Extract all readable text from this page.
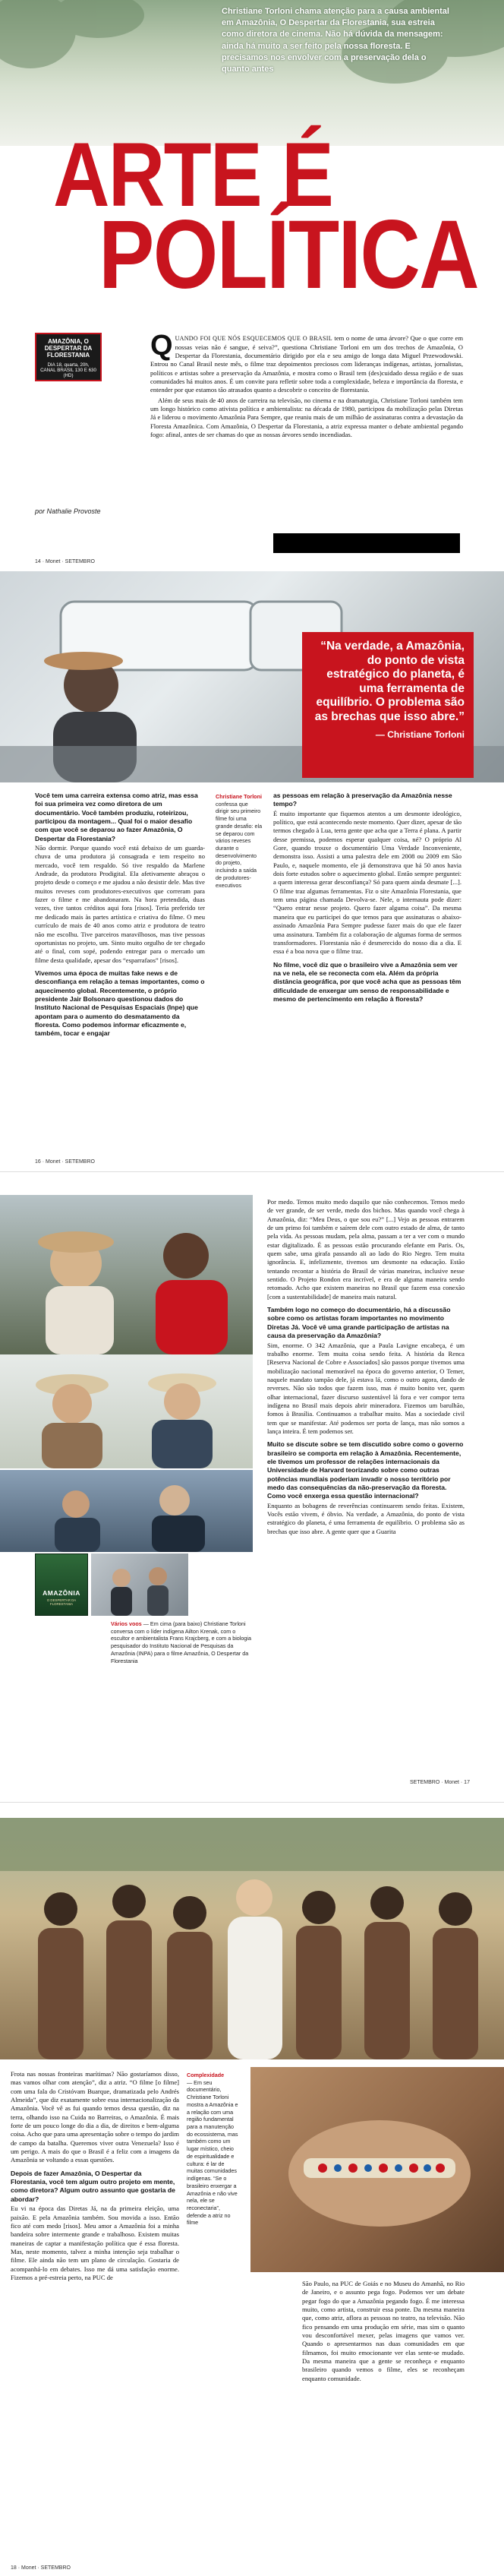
Christiane Torloni chama atenção para a causa ambiental em Amazônia, O Despertar da Florestania, sua estreia como diretora de cinema. Não há dúvida da mensagem: ainda há muito a ser feito pela nossa floresta. E precisamos nos envolver com a preservação dela o quanto antes
ARTE É
POLÍTICA
AMAZÔNIA, O DESPERTAR DA FLORESTANIA
DIA 18, quarta, 20h, CANAL BRASIL 130 E 630 (HD)
por Nathalie Provoste

Q UANDO FOI QUE NÓS ESQUECEMOS QUE O BRASIL tem o nome de uma árvore? Que o que corre em nossas veias não é sangue, é seiva?”, questiona Christiane Torloni em um dos trechos de Amazônia, O Despertar da Florestania, documentário dirigido por ela e seu amigo de longa data Miguel Przewodowski. Entrou no Canal Brasil neste mês, o filme traz depoimentos preciosos com lideranças indígenas, artistas, jornalistas, políticos e artistas sobre a preservação da Amazônia, e mostra como o Brasil tem (des)cuidado dessa região e de suas comunidades há muitos anos. É um convite para refletir sobre toda a complexidade, beleza e importância da floresta, e entender por que estamos tão atrasados quanto a descobrir o conceito de florestania.

Além de seus mais de 40 anos de carreira na televisão, no cinema e na dramaturgia, Christiane Torloni também tem um longo histórico como ativista política e ambientalista: na década de 1980, participou da mobilização pelas Diretas Já e liderou o movimento Amazônia Para Sempre, que reuniu mais de um milhão de assinaturas contra a devastação da Floresta Amazônica. Com Amazônia, O Despertar da Florestania, a atriz expressa manter o debate ambiental pegando fogo: afinal, antes de ser chamas do que as nossas árvores sendo incendiadas.

14 · Monet · SETEMBRO
“Na verdade, a Amazônia, do ponto de vista estratégico do planeta, é uma ferramenta de equilíbrio. O problema são as brechas que isso abre.”
— Christiane Torloni
Você tem uma carreira extensa como atriz, mas essa foi sua primeira vez como diretora de um documentário. Você também produziu, roteirizou, participou da montagem... Qual foi o maior desafio com que você se deparou ao fazer Amazônia, O Despertar da Florestania?

Não dormir. Porque quando você está debaixo de um guarda-chuva de uma produtora já consagrada e tem respeito no mercado, você tem respaldo. Só tive respaldo da Marlene Andrade, da produtora Prodigital. Ela afetivamente abraçou o projeto desde o começo e me ajudou a não desistir dele. Mas tive muitos reveses com produtores-executivos que correram para fazer o filme e me abandonaram. Na hora pretendida, duas vezes, tive tantos créditos aqui fora [risos]. Teria preferido ter me dedicado mais às partes artística e criativa do filme. O meu currículo de mais de 40 anos como atriz e produtora de teatro não me escolhu. Tive parceiros maravilhosos, mas tive pessoas oportunistas no projeto, um. Sinto muito orgulho de ter chegado até o final, com sopé, podendo entregar para o mercado um filme desta qualidade, apesar dos “esparrafaos” [risos].

Vivemos uma época de muitas fake news e de desconfiança em relação a temas importantes, como o aquecimento global. Recentemente, o próprio presidente Jair Bolsonaro questionou dados do Instituto Nacional de Pesquisas Espaciais (Inpe) que apontam para o aumento do desmatamento da floresta. Como podemos informar eficazmente e, também, tocar e engajar
Christiane Torloni confessa que dirigir seu primeiro filme foi uma grande desafio: ela se deparou com vários reveses durante o desenvolvimento do projeto, incluindo a saída de produtores-executivos
as pessoas em relação à preservação da Amazônia nesse tempo?

É muito importante que fiquemos atentos a um desmonte ideológico, político, que está acontecendo neste momento. Quer dizer, apesar de tão termos chegado à Lua, terra gente que acha que a Terra é plana. A partir desse premissa, podemos esperar qualquer coisa, né? O próprio Al Gore, quando trouxe o documentário Uma Verdade Inconveniente, demonstra isso. Assisti a uma palestra dele em 2008 ou 2009 em São Paulo, e, naquele momento, ele já demonstrava que há 50 anos havia dois forte estudos sobre o aquecimento global. Então sempre perguntei: a quem interessa gerar desconfiança? Só para quem ainda desmate [...]. O filme traz algumas ferramentas. Fiz o site Amazônia Florestania, que tem uma página chamada Devolva-se. Nele, o internauta pode dizer: “Quero entrar nesse projeto. Quero fazer alguma coisa”. Da mesma maneira que eu participei do que temos para que assinaturas o abaixo-assinado Amazônia Para Sempre pudesse fazer mais do que ele fazer uma assinatura. Também fiz a colaboração de algumas forma de sermos transformadores. Florestania não é desmerecido do nosso dia a dia. E essa é a boa nova que o filme traz.

No filme, você diz que o brasileiro vive a Amazônia sem ver na ve nela, ele se reconecta com ela. Além da própria distância geográfica, por que você acha que as pessoas têm dificuldade de enxergar um senso de responsabilidade e mesmo de pertencimento em relação à floresta?
16 · Monet · SETEMBRO
AMAZÔNIA
O DESPERTAR DA FLORESTANIA
Vários voos — Em cima (para baixo) Christiane Torloni conversa com o líder indígena Ailton Krenak, com o escultor e ambientalista Frans Krajcberg, e com a biologia pesquisador do Instituto Nacional de Pesquisas da Amazônia (INPA) para o filme Amazônia, O Despertar da Florestania

Por medo. Temos muito medo daquilo que não conhecemos. Temos medo de ver grande, de ser verde, medo dos bichos. Mas quando você chega à Amazônia, diz: “Meu Deus, o que sou eu?” [...] Vejo as pessoas entrarem de um primo foi também e saírem dele com outro estado de alma, de tanto pela vida. As pessoas mudam, pela alma, passam a ter a ver com o mundo estar digitalizado. É as pessoas estão procurando elefante em Paris. Os, quem sabe, uma girafa passando ali ao lado do Rio Negro. Tem muita ignorância. E, infelizmente, tivemos um desmonte na educação. Estão tentando recontar a história do Brasil de várias maneiras, inclusive nesse sentido. O Projeto Rondon era incrível, e era de alguma maneira sendo retomado. Acho que existem maneiras no Brasil que fazem essa conexão [com a sustentabilidade] de maneira mais natural.

Também logo no começo do documentário, há a discussão sobre como os artistas foram importantes no movimento Diretas Já. Você vê uma grande participação de artistas na causa da preservação da Amazônia?

Sim, enorme. O 342 Amazônia, que a Paula Lavigne encabeça, é um trabalho enorme. Tem muita coisa sendo feita. A história da Renca [Reserva Nacional de Cobre e Associados] são passos porque tivemos uma mobilização nacional memorável na época do governo anterior, O Temer, naquele mandato tampão dele, já estava lá, como o outro agora, dando de reverses. Não são todos que fazem isso, mas é muito bonito ver, quem olhar internacional, fazer discurso sustentável lá fora e ver compor terra indígena no Brasil mais depois abrir mineradora. Fizemos um barulhão, fomos à Brasília. Continuamos a trabalhar muito. Mas a sociedade civil tem que se manifestar. Até podemos ser porta de lança, mas não somos a lança inteira. É tem podemos ser.

Muito se discute sobre se tem discutido sobre como o governo brasileiro se comporta em relação à Amazônia. Recentemente, ele tivemos um professor de relações internacionais da Universidade de Harvard teorizando sobre como outras potências mundiais poderiam invadir o nosso território por medo das consequências da não-preservação da floresta. Como você enxerga essa questão internacional?

Enquanto as bobagens de reverências continuarem sendo feitas. Existem, Vocês estão vivem, é óbvio. Na verdade, a Amazônia, do ponto de vista estratégico do planeta, é uma ferramenta de equilíbrio. O problema são as brechas que isso abre. A gente quer que a Guarita

SETEMBRO · Monet · 17

Frota nas nossas fronteiras marítimas? Não gostaríamos disso, mas vamos olhar com atenção”, diz a atriz. “O filme [o filme] com uma fala do Cristóvam Buarque, dramatizada pelo Andrés Almeida”, que diz exatamente sobre essa internacionalização da Amazônia. Você vê as fui quando temos dessa questão, diz na terra, olhando isso na Cuida no Barreiras, o Amazônia. É mais forte de um pouco longe do dia a dia, de direitos e bem-alguma coisa. Acho que para uma apresentação sobre o tempo do jardim de campo da batalha. Queremos viver outra Venezuela? Isso é um perigo. A mais do que o Brasil é a feliz com a imagens da Amazônia se voltando a essas questões.

Depois de fazer Amazônia, O Despertar da Florestania, você tem algum outro projeto em mente, como diretora? Algum outro assunto que gostaria de abordar?

Eu vi na época das Diretas Já, na da primeira eleição, uma paixão. E pela Amazônia também. Sou movida a isso. Então fico até com medo [risos]. Meu amor a Amazônia foi a minha bandeira sobre intermente grande e trabalhoso. Existem muitas maneiras de captar a manifestação política que é essa floresta. Mas, neste momento, talvez a minha intenção seja trabalhar o filme. Ele ainda não tem um plano de circulação. Gostaria de acompanhá-lo em debates. Isso me dá uma satisfação enorme. Fizemos a pré-estreia perto, na PUC de

Complexidade
— Em seu documentário, Christiane Torloni mostra a Amazônia e a relação com uma região fundamental para a manutenção do ecossistema, mas também como um lugar místico, cheio de espiritualidade e cultura: é lar de muitas comunidades indígenas. “Se o brasileiro enxergar a Amazônia e não vive nela, ele se reconectaria”, defende a atriz no filme

São Paulo, na PUC de Goiás e no Museu do Amanhã, no Rio de Janeiro, e o assunto pega fogo. Podemos ver um debate pegar fogo do que a Amazônia pegando fogo. É me interessa muito, como artista, construir essa ponte. Da mesma maneira que, como atriz, aflora as pessoas no teatro, na televisão. Não fico pensando em uma produção em série, mas sim o quanto vou desconfortável mexer, pelas imagens que vamos ver. Quando o apresentarmos nas duas comunidades em que filmamos, foi muito emocionante ver elas sente-se mudado. Da mesma maneira que a gente se reconheça e enquanto brasileiro quando vemos o filme, eles se reconheçam enquanto comunidade.

18 · Monet · SETEMBRO
